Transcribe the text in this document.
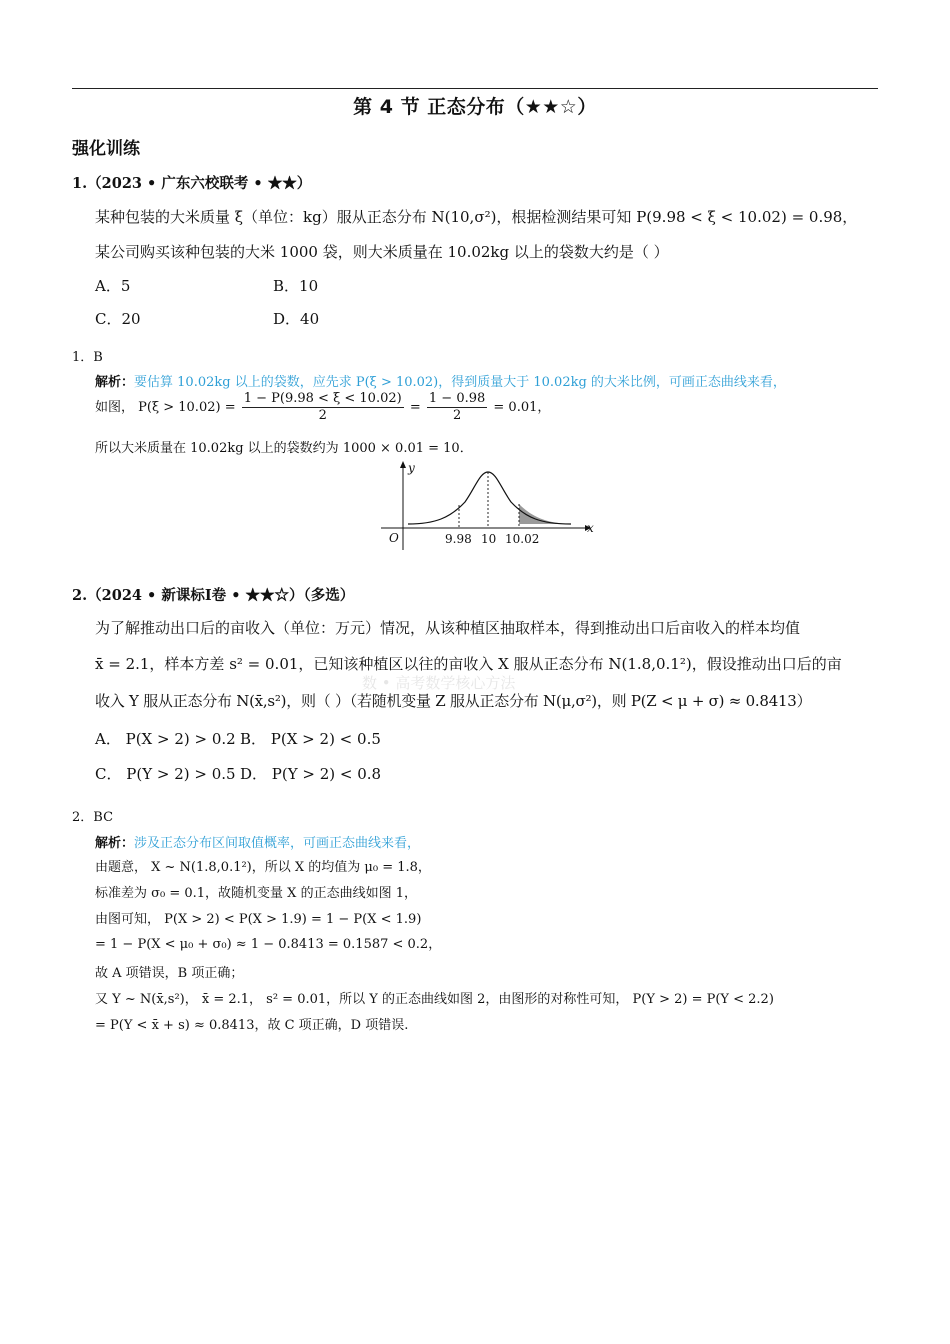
第 4 节 正态分布（★★☆）
强化训练
1.（2023 • 广东六校联考 • ★★）
某种包装的大米质量 ξ（单位：kg）服从正态分布 N(10,σ²)，根据检测结果可知 P(9.98 < ξ < 10.02) = 0.98，
某公司购买该种包装的大米 1000 袋，则大米质量在 10.02kg 以上的袋数大约是（ ）
A．5	B．10
C．20	D．40
1．B
解析：要估算 10.02kg 以上的袋数，应先求 P(ξ > 10.02)，得到质量大于 10.02kg 的大米比例，可画正态曲线来看，
如图， $P(\xi > 10.02) = \frac{1 - P(9.98 < \xi < 10.02)}{2} = \frac{1 - 0.98}{2} = 0.01$，
所以大米质量在 10.02kg 以上的袋数约为 1000 × 0.01 = 10．
y
x
O	9.98 10 10.02
2.（2024 • 新课标Ⅰ卷 • ★★☆）（多选）
为了解推动出口后的亩收入（单位：万元）情况，从该种植区抽取样本，得到推动出口后亩收入的样本均值
x̄ = 2.1，样本方差 s² = 0.01，已知该种植区以往的亩收入 X 服从正态分布 N(1.8,0.1²)，假设推动出口后的亩
数 • 高考数学核心方法
收入 Y 服从正态分布 N(x̄,s²)，则（ ）（若随机变量 Z 服从正态分布 N(μ,σ²)，则 P(Z < μ + σ) ≈ 0.8413）
A． P(X > 2) > 0.2 B． P(X > 2) < 0.5
C． P(Y > 2) > 0.5 D． P(Y > 2) < 0.8
2．BC
解析：涉及正态分布区间取值概率，可画正态曲线来看，
由题意， X ~ N(1.8,0.1²)，所以 X 的均值为 μ₀ = 1.8，
标准差为 σ₀ = 0.1，故随机变量 X 的正态曲线如图 1，
由图可知， P(X > 2) < P(X > 1.9) = 1 − P(X < 1.9)
= 1 − P(X < μ₀ + σ₀) ≈ 1 − 0.8413 = 0.1587 < 0.2，
故 A 项错误，B 项正确；
又 Y ~ N(x̄,s²)， x̄ = 2.1， s² = 0.01，所以 Y 的正态曲线如图 2，由图形的对称性可知， P(Y > 2) = P(Y < 2.2)
= P(Y < x̄ + s) ≈ 0.8413，故 C 项正确，D 项错误.
